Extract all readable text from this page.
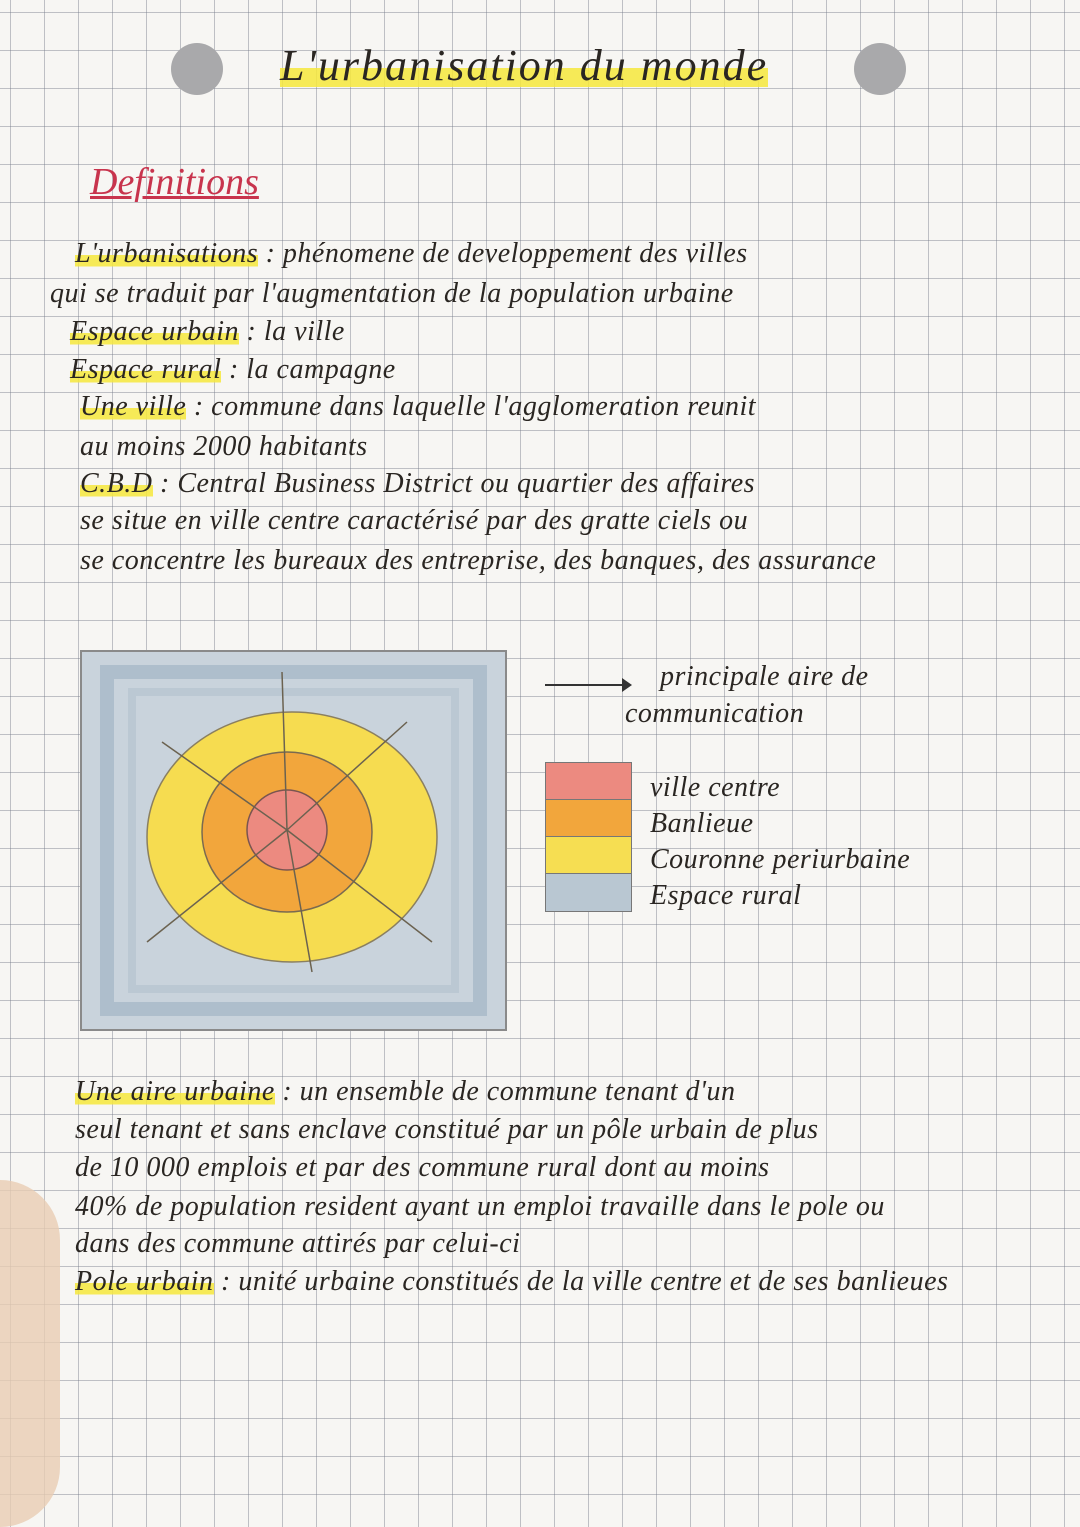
L'urbanisation du monde
Definitions
L'urbanisations : phénomene de developpement des villes
qui se traduit par l'augmentation de la population urbaine
Espace urbain : la ville
Espace rural : la campagne
Une ville : commune dans laquelle l'agglomeration reunit
au moins 2000 habitants
C.B.D : Central Business District ou quartier des affaires
se situe en ville centre caractérisé par des gratte ciels ou
se concentre les bureaux des entreprise, des banques, des assurance
principale aire de
communication
ville centre
Banlieue
Couronne periurbaine
Espace rural
Une aire urbaine : un ensemble de commune tenant d'un
seul tenant et sans enclave constitué par un pôle urbain de plus
de 10 000 emplois et par des commune rural dont au moins
40% de population resident ayant un emploi travaille dans le pole ou
dans des commune attirés par celui-ci
Pole urbain : unité urbaine constitués de la ville centre et de ses banlieues
